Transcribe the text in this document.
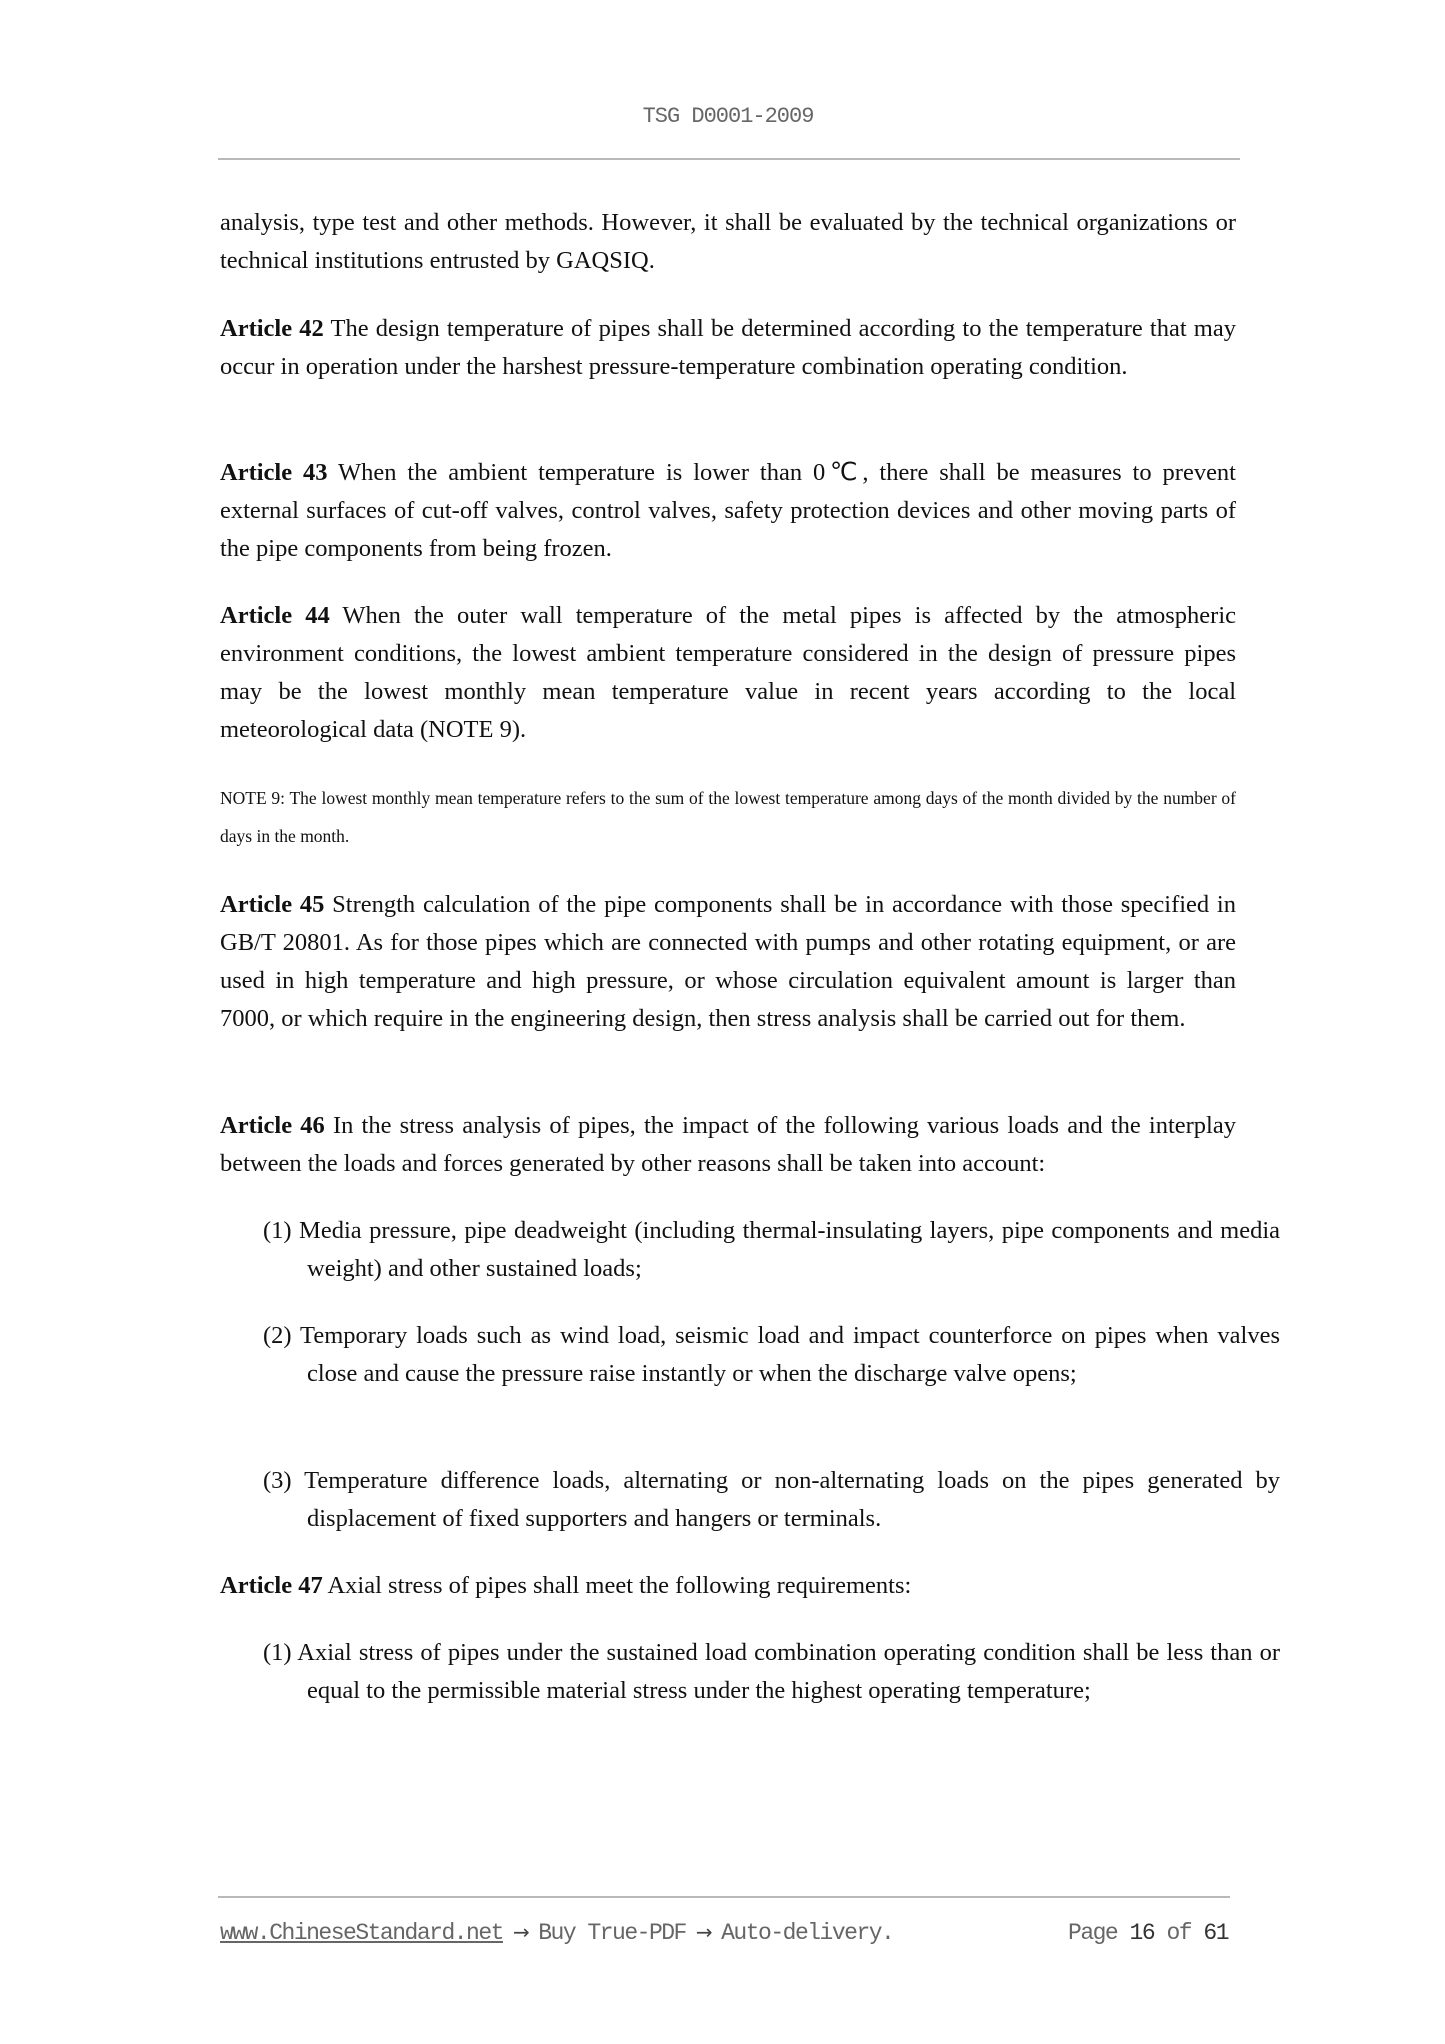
TSG D0001-2009

analysis, type test and other methods. However, it shall be evaluated by the technical organizations or technical institutions entrusted by GAQSIQ.

Article 42 The design temperature of pipes shall be determined according to the temperature that may occur in operation under the harshest pressure-temperature combination operating condition.

Article 43 When the ambient temperature is lower than 0℃, there shall be measures to prevent external surfaces of cut-off valves, control valves, safety protection devices and other moving parts of the pipe components from being frozen.

Article 44 When the outer wall temperature of the metal pipes is affected by the atmospheric environment conditions, the lowest ambient temperature considered in the design of pressure pipes may be the lowest monthly mean temperature value in recent years according to the local meteorological data (NOTE 9).

NOTE 9: The lowest monthly mean temperature refers to the sum of the lowest temperature among days of the month divided by the number of days in the month.

Article 45 Strength calculation of the pipe components shall be in accordance with those specified in GB/T 20801. As for those pipes which are connected with pumps and other rotating equipment, or are used in high temperature and high pressure, or whose circulation equivalent amount is larger than 7000, or which require in the engineering design, then stress analysis shall be carried out for them.

Article 46 In the stress analysis of pipes, the impact of the following various loads and the interplay between the loads and forces generated by other reasons shall be taken into account:

(1) Media pressure, pipe deadweight (including thermal-insulating layers, pipe components and media weight) and other sustained loads;

(2) Temporary loads such as wind load, seismic load and impact counterforce on pipes when valves close and cause the pressure raise instantly or when the discharge valve opens;

(3) Temperature difference loads, alternating or non-alternating loads on the pipes generated by displacement of fixed supporters and hangers or terminals.

Article 47 Axial stress of pipes shall meet the following requirements:

(1) Axial stress of pipes under the sustained load combination operating condition shall be less than or equal to the permissible material stress under the highest operating temperature;

www.ChineseStandard.net → Buy True-PDF → Auto-delivery.	Page 16 of 61
